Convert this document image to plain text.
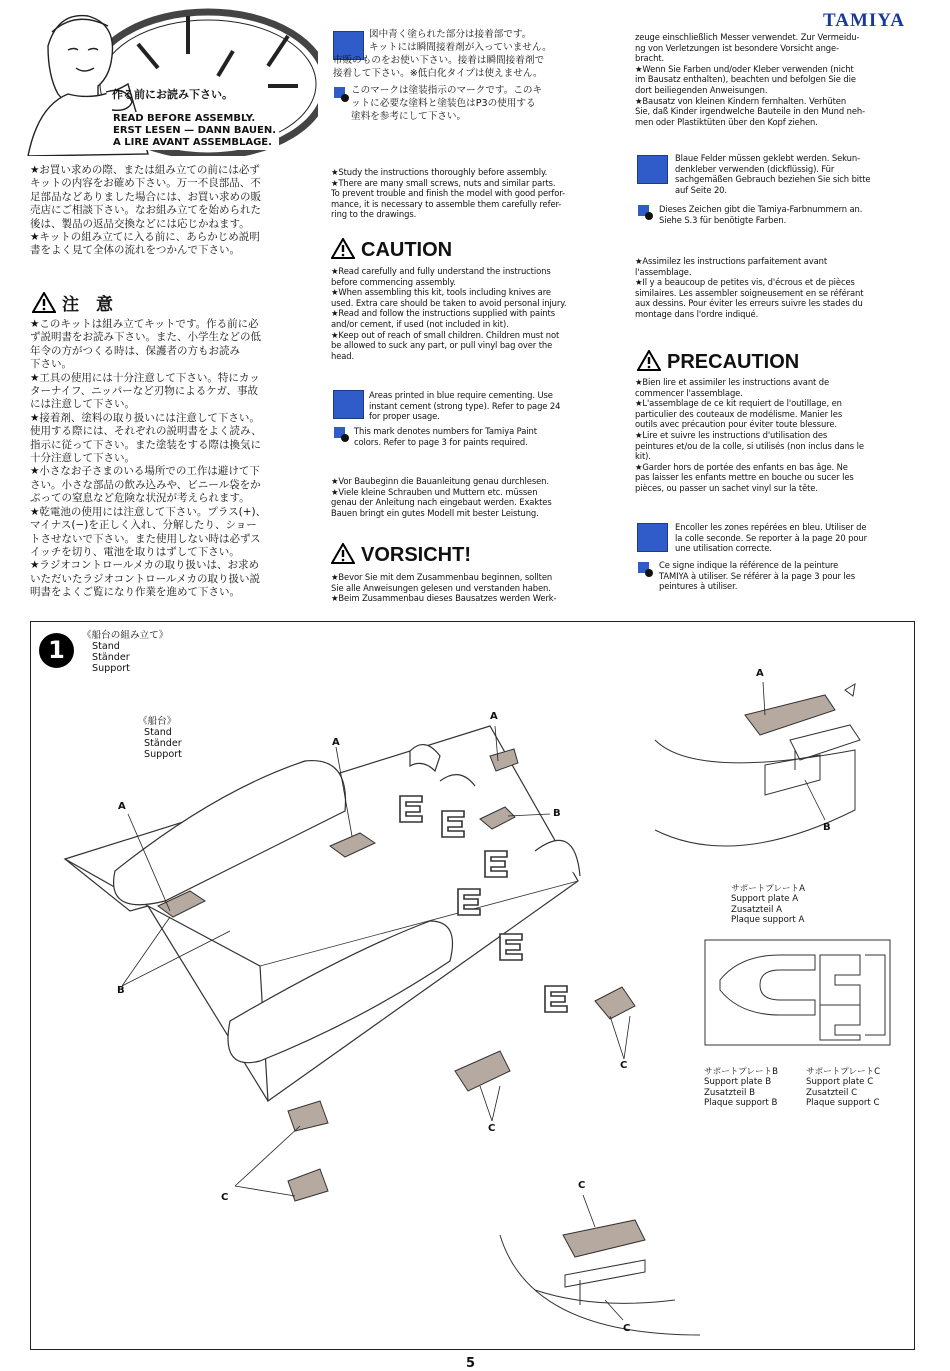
TAMIYA
作る前にお読み下さい。
READ BEFORE ASSEMBLY.
ERST LESEN — DANN BAUEN.
A LIRE AVANT ASSEMBLAGE.
★お買い求めの際、または組み立ての前には必ず
キットの内容をお確め下さい。万一不良部品、不
足部品などありました場合には、お買い求めの販
売店にご相談下さい。なお組み立てを始められた
後は、製品の返品交換などには応じかねます。
★キットの組み立てに入る前に、あらかじめ説明
書をよく見て全体の流れをつかんで下さい。
注　意
★このキットは組み立てキットです。作る前に必
ず説明書をお読み下さい。また、小学生などの低
年令の方がつくる時は、保護者の方もお読み
下さい。
★工具の使用には十分注意して下さい。特にカッ
ターナイフ、ニッパーなど刃物によるケガ、事故
には注意して下さい。
★接着剤、塗料の取り扱いには注意して下さい。
使用する際には、それぞれの説明書をよく読み、
指示に従って下さい。また塗装をする際は換気に
十分注意して下さい。
★小さなお子さまのいる場所での工作は避けて下
さい。小さな部品の飲み込みや、ビニール袋をか
ぶっての窒息など危険な状況が考えられます。
★乾電池の使用には注意して下さい。プラス(+)、
マイナス(−)を正しく入れ、分解したり、ショー
トさせないで下さい。また使用しない時は必ずス
イッチを切り、電池を取りはずして下さい。
★ラジオコントロールメカの取り扱いは、お求め
いただいたラジオコントロールメカの取り扱い説
明書をよくご覧になり作業を進めて下さい。
図中青く塗られた部分は接着部です。
キットには瞬間接着剤が入っていません。
市販のものをお使い下さい。接着は瞬間接着剤で
接着して下さい。※低白化タイプは使えません。
このマークは塗装指示のマークです。このキ
ットに必要な塗料と塗装色はP3の使用する
塗料を参考にして下さい。
★Study the instructions thoroughly before assembly.
★There are many small screws, nuts and similar parts.
To prevent trouble and finish the model with good perfor-
mance, it is necessary to assemble them carefully refer-
ring to the drawings.
CAUTION
★Read carefully and fully understand the instructions
before commencing assembly.
★When assembling this kit, tools including knives are
used. Extra care should be taken to avoid personal injury.
★Read and follow the instructions supplied with paints
and/or cement, if used (not included in kit).
★Keep out of reach of small children. Children must not
be allowed to suck any part, or pull vinyl bag over the
head.
Areas printed in blue require cementing. Use
instant cement (strong type). Refer to page 24
for proper usage.
This mark denotes numbers for Tamiya Paint
colors. Refer to page 3 for paints required.
★Vor Baubeginn die Bauanleitung genau durchlesen.
★Viele kleine Schrauben und Muttern etc. müssen
genau der Anleitung nach eingebaut werden. Exaktes
Bauen bringt ein gutes Modell mit bester Leistung.
VORSICHT!
★Bevor Sie mit dem Zusammenbau beginnen, sollten
Sie alle Anweisungen gelesen und verstanden haben.
★Beim Zusammenbau dieses Bausatzes werden Werk-
zeuge einschließlich Messer verwendet. Zur Vermeidu-
ng von Verletzungen ist besondere Vorsicht ange-
bracht.
★Wenn Sie Farben und/oder Kleber verwenden (nicht
im Bausatz enthalten), beachten und befolgen Sie die
dort beiliegenden Anweisungen.
★Bausatz von kleinen Kindern fernhalten. Verhüten
Sie, daß Kinder irgendwelche Bauteile in den Mund neh-
men oder Plastiktüten über den Kopf ziehen.
Blaue Felder müssen geklebt werden. Sekun-
denkleber verwenden (dickflüssig). Für
sachgemäßen Gebrauch beziehen Sie sich bitte
auf Seite 20.
Dieses Zeichen gibt die Tamiya-Farbnummern an.
Siehe S.3 für benötigte Farben.
★Assimilez les instructions parfaitement avant
l'assemblage.
★Il y a beaucoup de petites vis, d'écrous et de pièces
similaires. Les assembler soigneusement en se référant
aux dessins. Pour éviter les erreurs suivre les stades du
montage dans l'ordre indiqué.
PRECAUTION
★Bien lire et assimiler les instructions avant de
commencer l'assemblage.
★L'assemblage de ce kit requiert de l'outillage, en
particulier des couteaux de modélisme. Manier les
outils avec précaution pour éviter toute blessure.
★Lire et suivre les instructions d'utilisation des
peintures et/ou de la colle, si utilisés (non inclus dans le
kit).
★Garder hors de portée des enfants en bas âge. Ne
pas laisser les enfants mettre en bouche ou sucer les
pièces, ou passer un sachet vinyl sur la tête.
Encoller les zones repérées en bleu. Utiliser de
la colle seconde. Se reporter à la page 20 pour
une utilisation correcte.
Ce signe indique la référence de la peinture
TAMIYA à utiliser. Se référer à la page 3 pour les
peintures à utiliser.
1
《船台の組み立て》
Stand
Ständer
Support
《船台》
Stand
Ständer
Support
A
A
A
B
B
C
C
C
A
B
サポートプレートA
Support plate A
Zusatzteil A
Plaque support A
サポートプレートB
Support plate B
Zusatzteil B
Plaque support B
サポートプレートC
Support plate C
Zusatzteil C
Plaque support C
C
C
5
